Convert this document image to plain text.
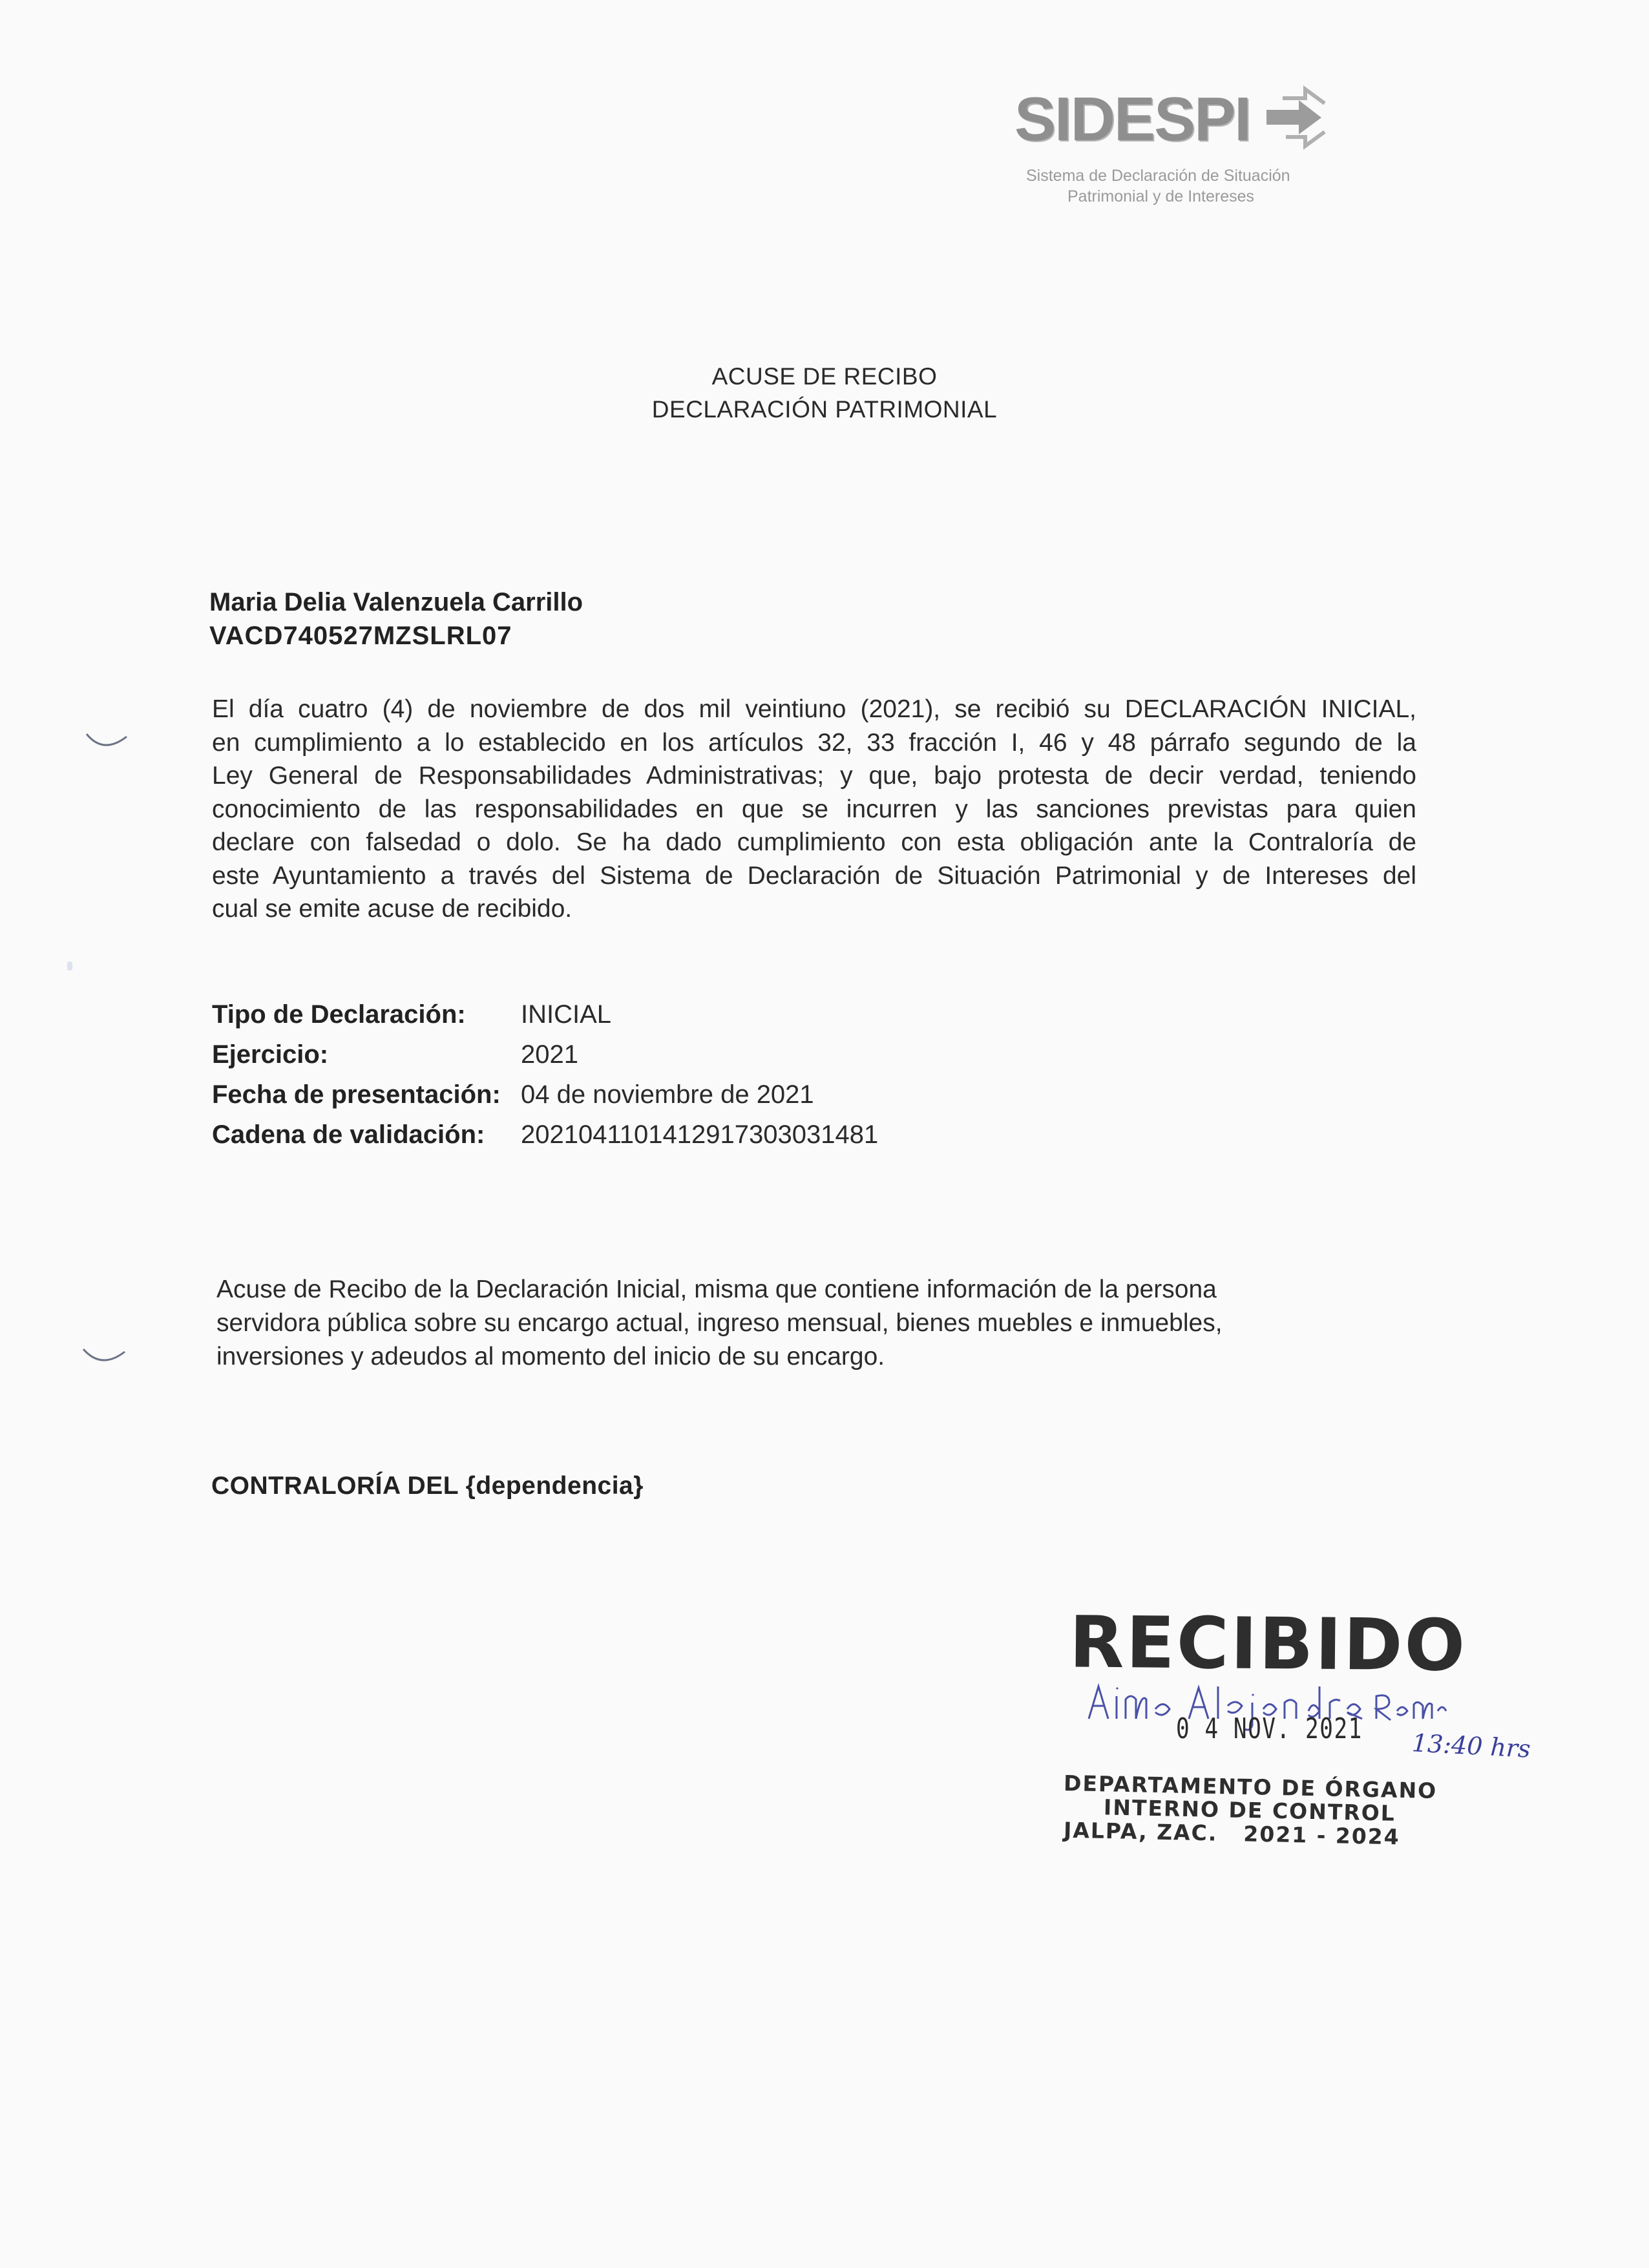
SIDESPI
Sistema de Declaración de Situación
Patrimonial y de Intereses
ACUSE DE RECIBO
DECLARACIÓN PATRIMONIAL
Maria Delia Valenzuela Carrillo
VACD740527MZSLRL07
El día cuatro (4) de noviembre de dos mil veintiuno (2021), se recibió su DECLARACIÓN INICIAL,
en cumplimiento a lo establecido en los artículos 32, 33 fracción I, 46 y 48 párrafo segundo de la
Ley General de Responsabilidades Administrativas; y que, bajo protesta de decir verdad, teniendo
conocimiento de las responsabilidades en que se incurren y las sanciones previstas para quien
declare con falsedad o dolo. Se ha dado cumplimiento con esta obligación ante la Contraloría de
este Ayuntamiento a través del Sistema de Declaración de Situación Patrimonial y de Intereses del
cual se emite acuse de recibido.
Tipo de Declaración: INICIAL
Ejercicio:	2021
Fecha de presentación: 04 de noviembre de 2021
Cadena de validación: 20210411014129173030314​81
Acuse de Recibo de la Declaración Inicial, misma que contiene información de la persona
servidora pública sobre su encargo actual, ingreso mensual, bienes muebles e inmuebles,
inversiones y adeudos al momento del inicio de su encargo.
CONTRALORÍA DEL {dependencia}
RECIBIDO
0 4 NOV. 2021 13:40 hrs
DEPARTAMENTO DE ÓRGANO
INTERNO DE CONTROL
JALPA, ZAC. 2021 - 2024
